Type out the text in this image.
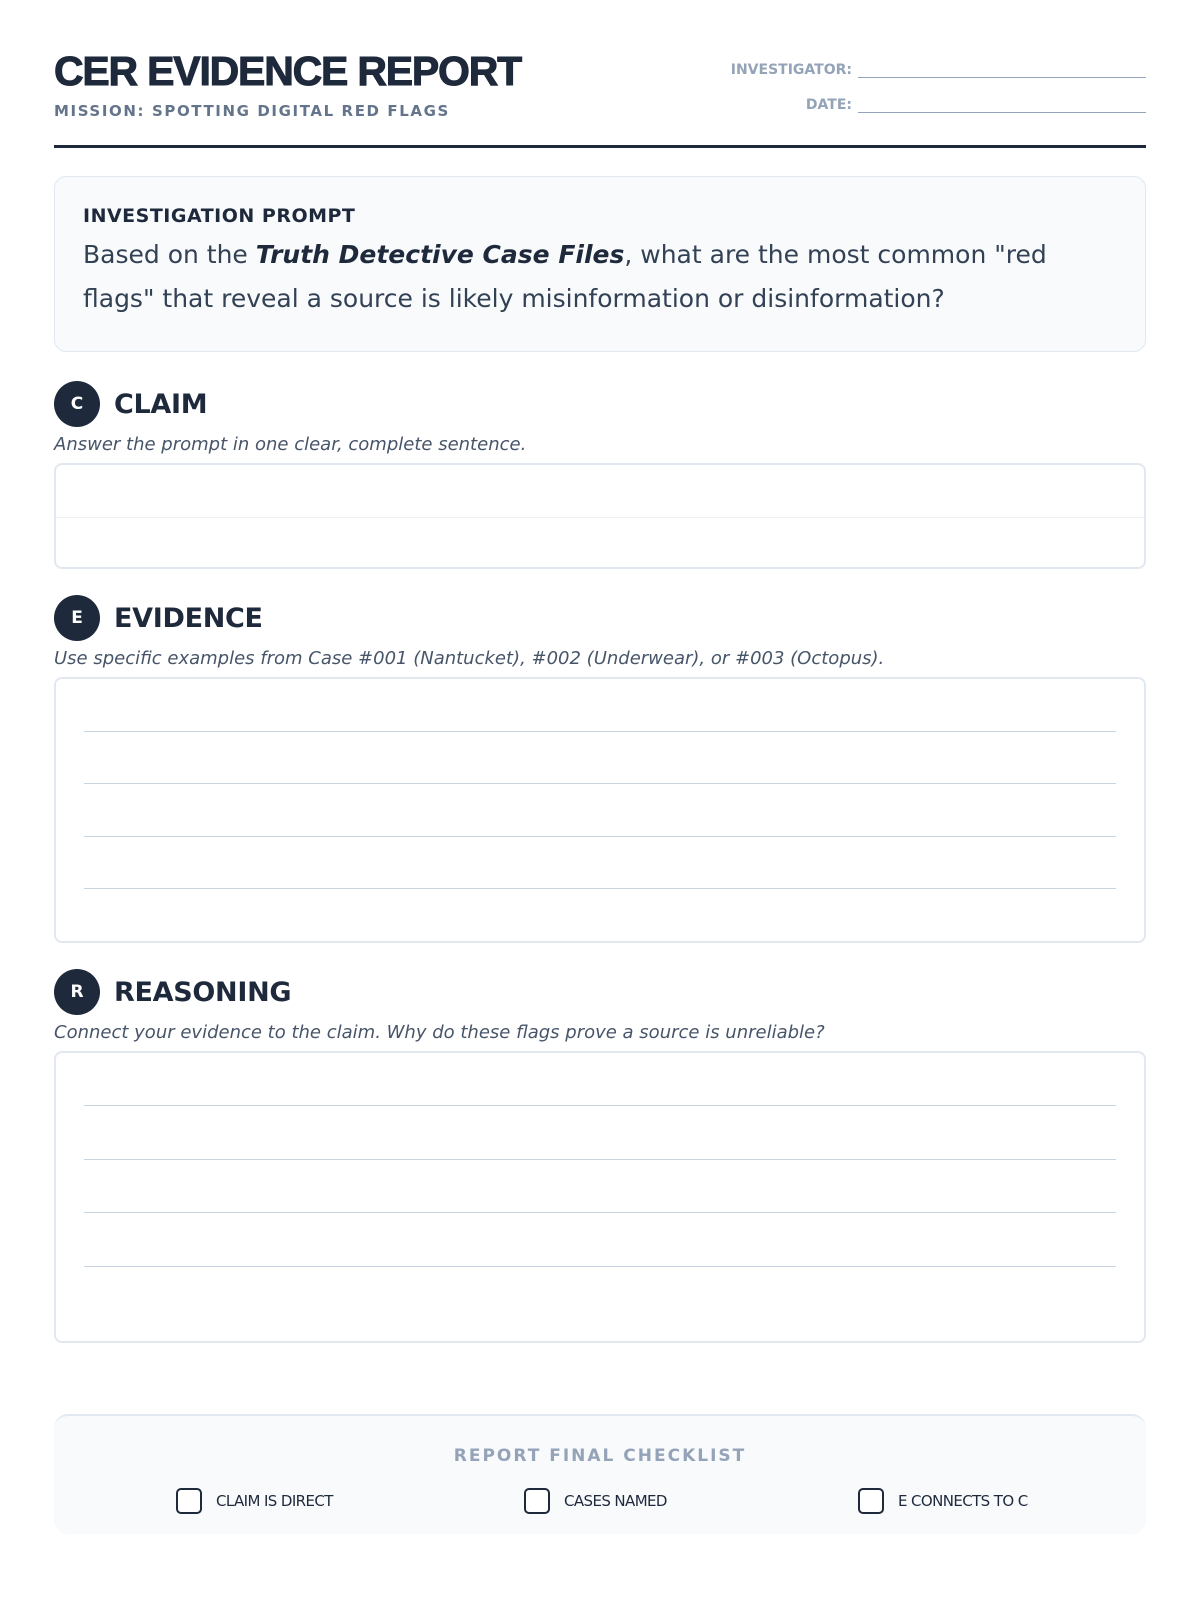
CER EVIDENCE REPORT
MISSION: SPOTTING DIGITAL RED FLAGS
INVESTIGATOR:
DATE:
INVESTIGATION PROMPT
Based on the Truth Detective Case Files, what are the most common "red flags" that reveal a source is likely misinformation or disinformation?
C	CLAIM
Answer the prompt in one clear, complete sentence.
E	EVIDENCE
Use specific examples from Case #001 (Nantucket), #002 (Underwear), or #003 (Octopus).
R	REASONING
Connect your evidence to the claim. Why do these flags prove a source is unreliable?
REPORT FINAL CHECKLIST
CLAIM IS DIRECT	CASES NAMED	E CONNECTS TO C
